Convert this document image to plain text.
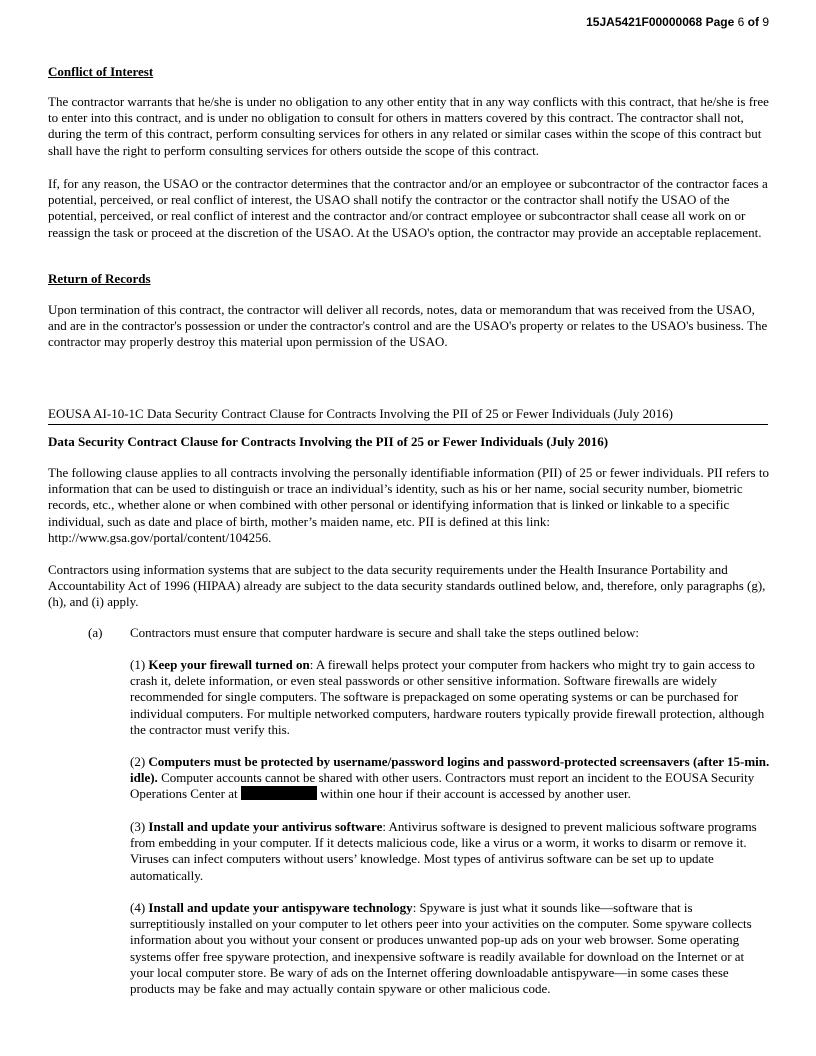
15JA5421F00000068 Page 6 of 9

Conflict of Interest

The contractor warrants that he/she is under no obligation to any other entity that in any way conflicts with this contract, that he/she is free to enter into this contract, and is under no obligation to consult for others in matters covered by this contract. The contractor shall not, during the term of this contract, perform consulting services for others in any related or similar cases within the scope of this contract but shall have the right to perform consulting services for others outside the scope of this contract.

If, for any reason, the USAO or the contractor determines that the contractor and/or an employee or subcontractor of the contractor faces a potential, perceived, or real conflict of interest, the USAO shall notify the contractor or the contractor shall notify the USAO of the potential, perceived, or real conflict of interest and the contractor and/or contract employee or subcontractor shall cease all work on or reassign the task or proceed at the discretion of the USAO. At the USAO's option, the contractor may provide an acceptable replacement.

Return of Records

Upon termination of this contract, the contractor will deliver all records, notes, data or memorandum that was received from the USAO, and are in the contractor's possession or under the contractor's control and are the USAO's property or relates to the USAO's business. The contractor may properly destroy this material upon permission of the USAO.

EOUSA AI-10-1C Data Security Contract Clause for Contracts Involving the PII of 25 or Fewer Individuals (July 2016)

Data Security Contract Clause for Contracts Involving the PII of 25 or Fewer Individuals (July 2016)

The following clause applies to all contracts involving the personally identifiable information (PII) of 25 or fewer individuals. PII refers to information that can be used to distinguish or trace an individual’s identity, such as his or her name, social security number, biometric records, etc., whether alone or when combined with other personal or identifying information that is linked or linkable to a specific individual, such as date and place of birth, mother’s maiden name, etc. PII is defined at this link:
http://www.gsa.gov/portal/content/104256.

Contractors using information systems that are subject to the data security requirements under the Health Insurance Portability and Accountability Act of 1996 (HIPAA) already are subject to the data security standards outlined below, and, therefore, only paragraphs (g), (h), and (i) apply.

(a) Contractors must ensure that computer hardware is secure and shall take the steps outlined below:

(1) Keep your firewall turned on: A firewall helps protect your computer from hackers who might try to gain access to crash it, delete information, or even steal passwords or other sensitive information. Software firewalls are widely recommended for single computers. The software is prepackaged on some operating systems or can be purchased for individual computers. For multiple networked computers, hardware routers typically provide firewall protection, although the contractor must verify this.

(2) Computers must be protected by username/password logins and password-protected screensavers (after 15-min. idle). Computer accounts cannot be shared with other users. Contractors must report an incident to the EOUSA Security Operations Center at	within one hour if their account is accessed by another user.

(3) Install and update your antivirus software: Antivirus software is designed to prevent malicious software programs from embedding in your computer. If it detects malicious code, like a virus or a worm, it works to disarm or remove it. Viruses can infect computers without users’ knowledge. Most types of antivirus software can be set up to update automatically.

(4) Install and update your antispyware technology: Spyware is just what it sounds like—software that is surreptitiously installed on your computer to let others peer into your activities on the computer. Some spyware collects information about you without your consent or produces unwanted pop-up ads on your web browser. Some operating systems offer free spyware protection, and inexpensive software is readily available for download on the Internet or at your local computer store. Be wary of ads on the Internet offering downloadable antispyware—in some cases these products may be fake and may actually contain spyware or other malicious code.
